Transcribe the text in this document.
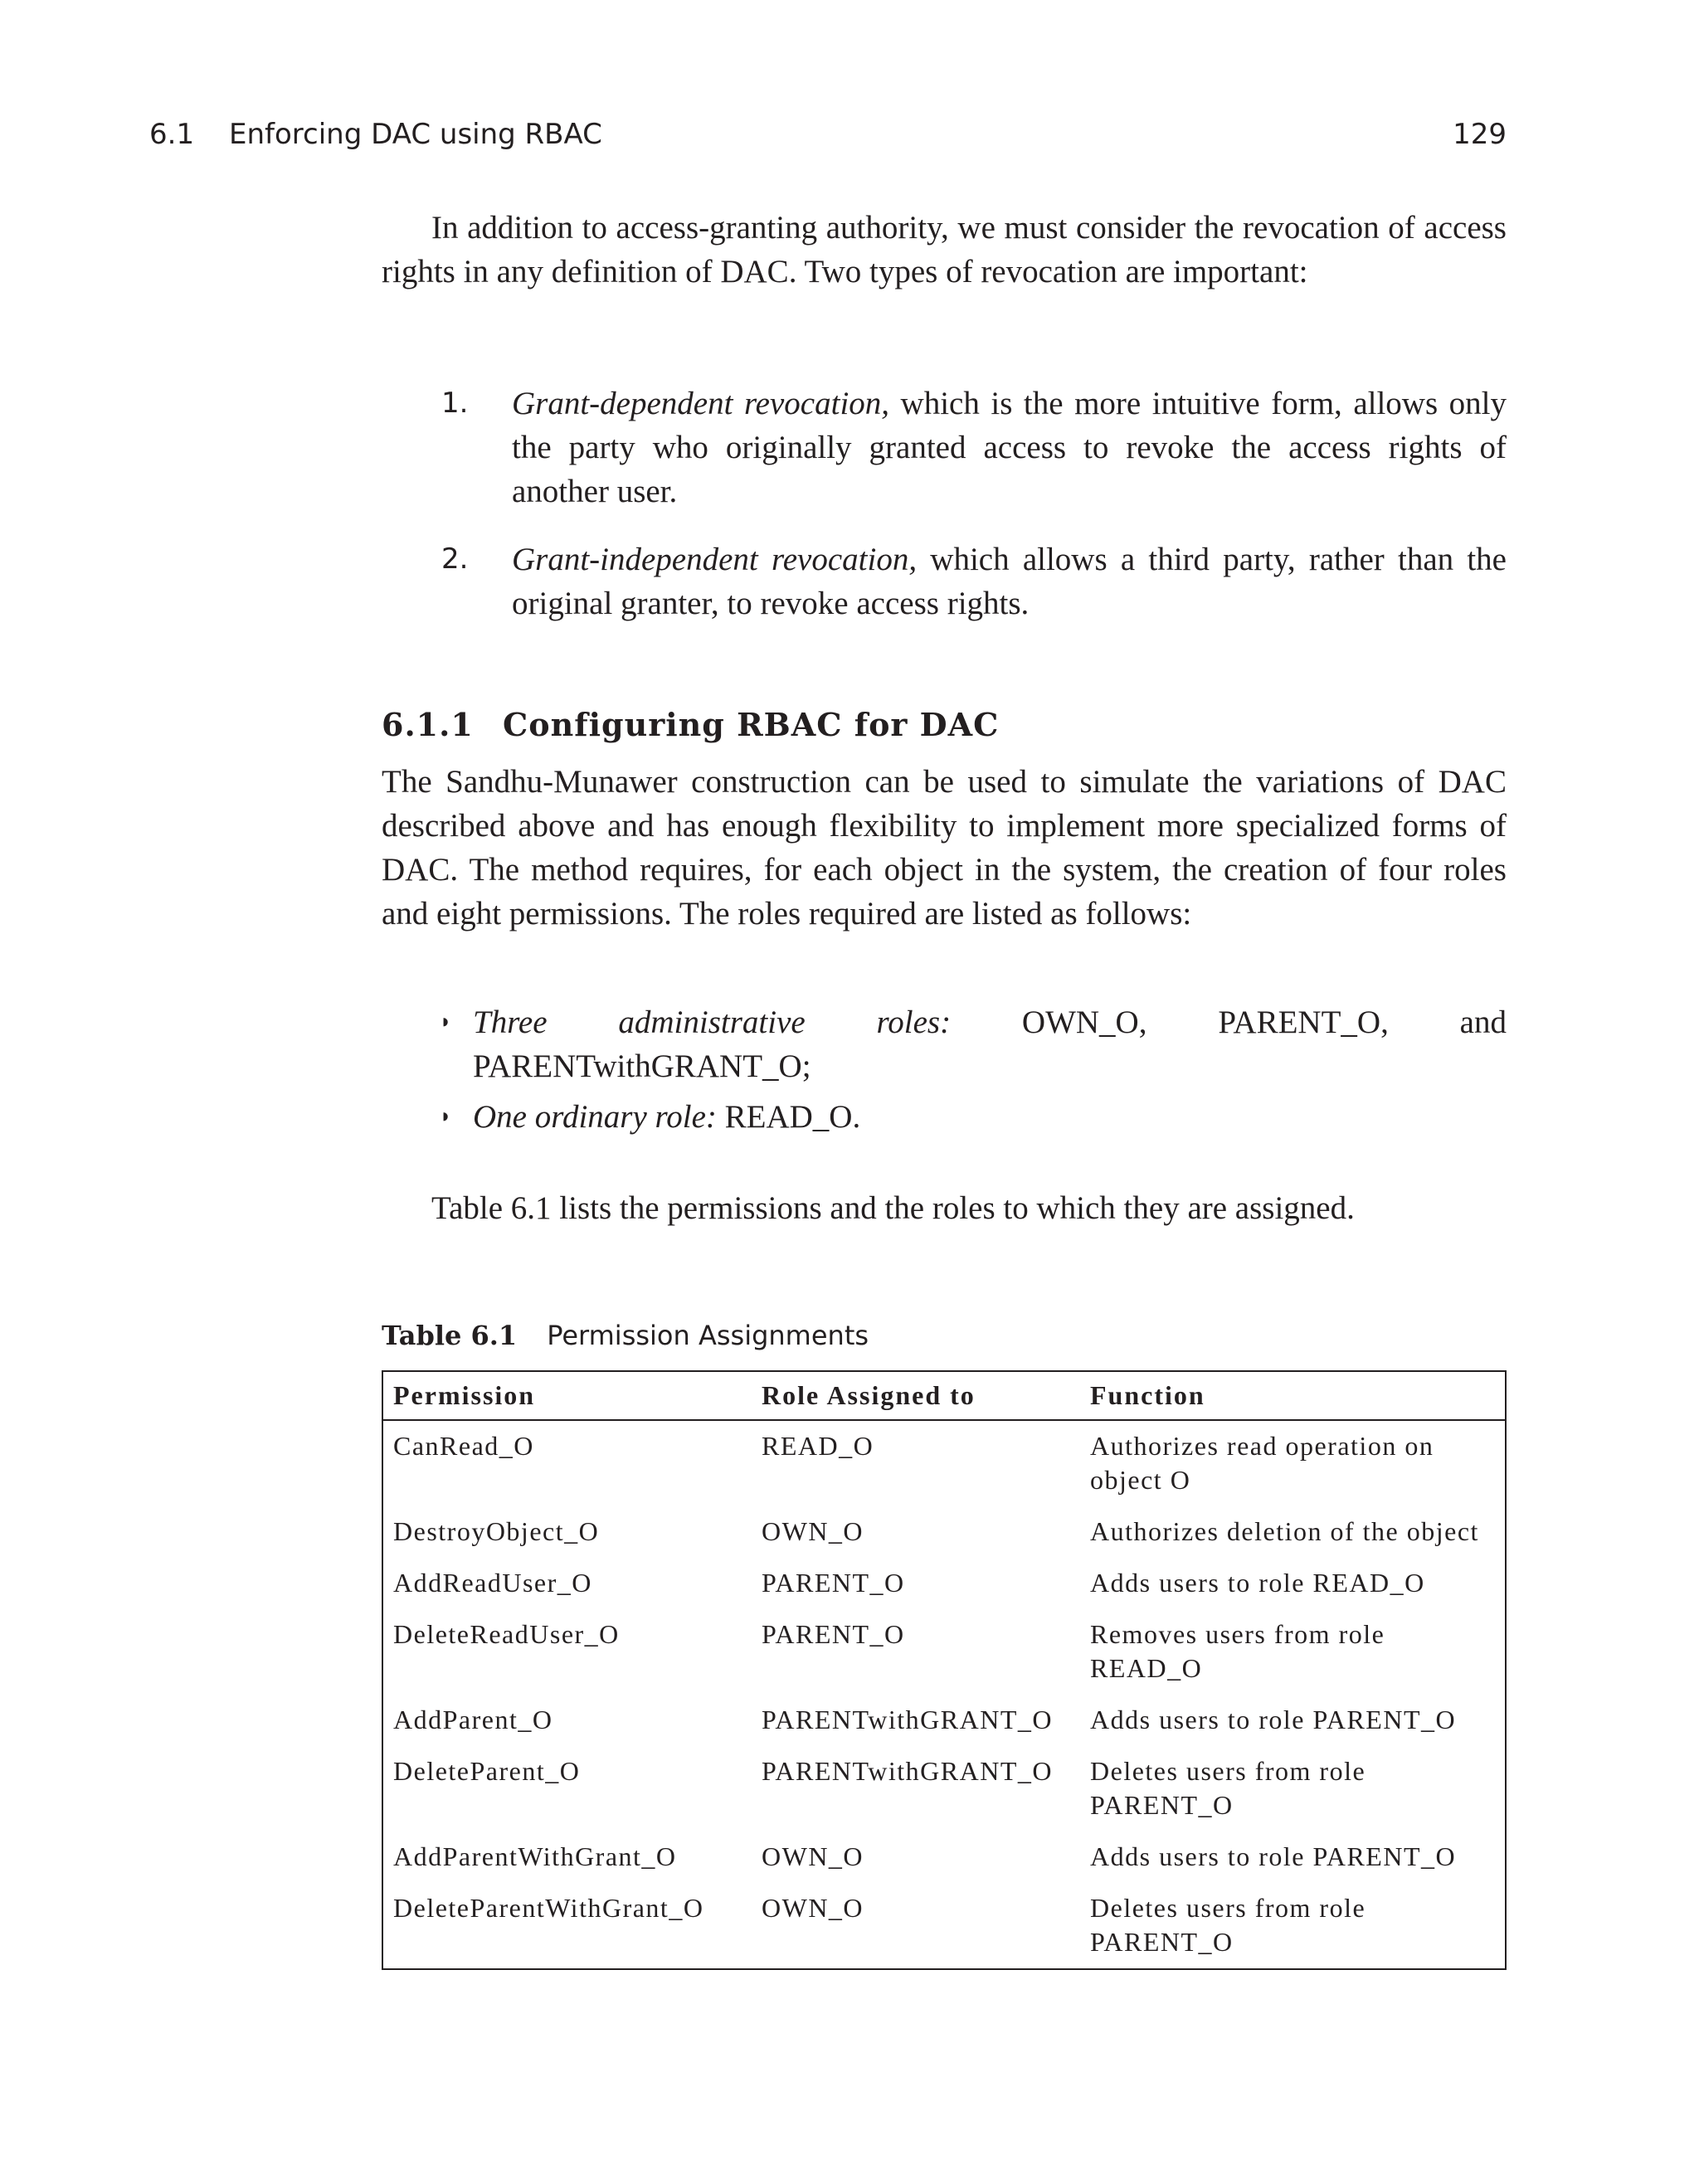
6.1 Enforcing DAC using RBAC	129

In addition to access-granting authority, we must consider the revocation of access rights in any definition of DAC. Two types of revocation are important:

1. Grant-dependent revocation, which is the more intuitive form, allows only the party who originally granted access to revoke the access rights of another user.
2. Grant-independent revocation, which allows a third party, rather than the original granter, to revoke access rights.
6.1.1 Configuring RBAC for DAC

The Sandhu-Munawer construction can be used to simulate the variations of DAC described above and has enough flexibility to implement more specialized forms of DAC. The method requires, for each object in the system, the creation of four roles and eight permissions. The roles required are listed as follows:

◗ Three administrative roles: OWN_O, PARENT_O, and PARENTwithGRANT_O;
◗ One ordinary role: READ_O.

Table 6.1 lists the permissions and the roles to which they are assigned.

Table 6.1 Permission Assignments
Permission	Role Assigned to	Function
CanRead_O	READ_O	Authorizes read operation on object O
DestroyObject_O	OWN_O	Authorizes deletion of the object
AddReadUser_O	PARENT_O	Adds users to role READ_O
DeleteReadUser_O	PARENT_O	Removes users from role READ_O
AddParent_O	PARENTwithGRANT_O	Adds users to role PARENT_O
DeleteParent_O	PARENTwithGRANT_O	Deletes users from role PARENT_O
AddParentWithGrant_O	OWN_O	Adds users to role PARENT_O
DeleteParentWithGrant_O	OWN_O	Deletes users from role PARENT_O
